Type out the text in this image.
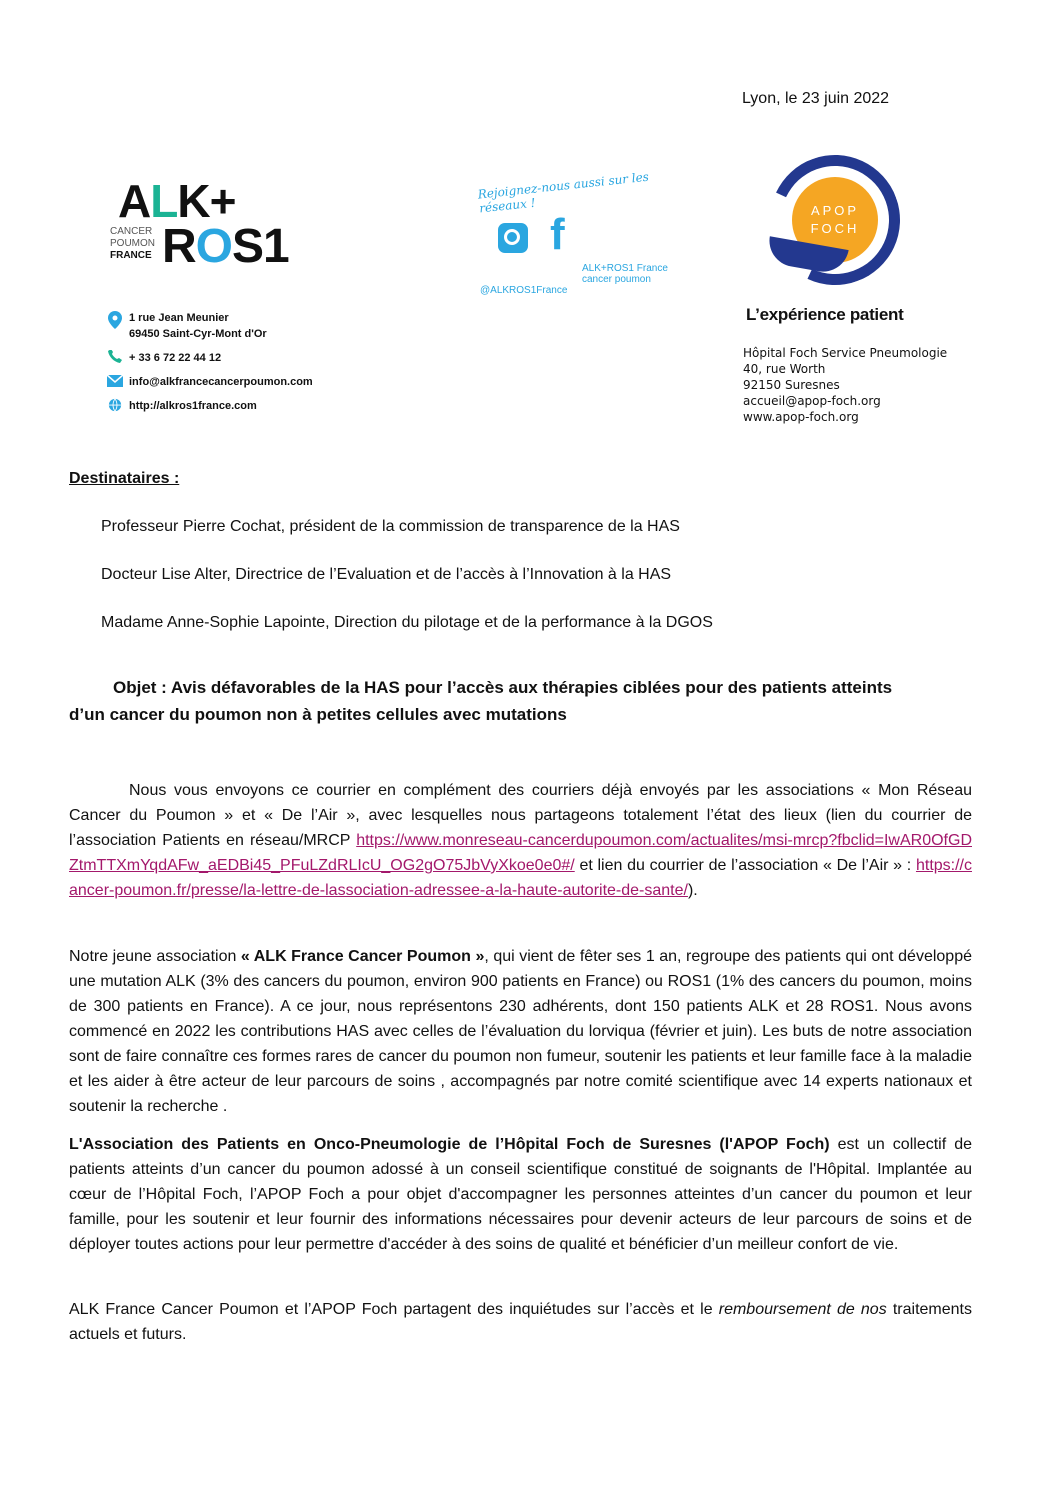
Lyon, le 23 juin 2022
ALK+
CANCER
POUMON
FRANCE ROS1
1 rue Jean Meunier
69450 Saint-Cyr-Mont d'Or
+ 33 6 72 22 44 12
info@alkfrancecancerpoumon.com
http://alkros1france.com
Rejoignez-nous aussi sur les réseaux !
f
ALK+ROS1 France cancer poumon
@ALKROS1France
APOP
FOCH
L’expérience patient
Hôpital Foch Service Pneumologie
40, rue Worth
92150 Suresnes
accueil@apop-foch.org
www.apop-foch.org
Destinataires :
Professeur Pierre Cochat, président de la commission de transparence de la HAS
Docteur Lise Alter, Directrice de l’Evaluation et de l’accès à l’Innovation à la HAS
Madame Anne-Sophie Lapointe, Direction du pilotage et de la performance à la DGOS
Objet : Avis défavorables de la HAS pour l’accès aux thérapies ciblées pour des patients atteints
d’un cancer du poumon non à petites cellules avec mutations
Nous vous envoyons ce courrier en complément des courriers déjà envoyés par les associations « Mon Réseau Cancer du Poumon » et « De l’Air », avec lesquelles nous partageons totalement l’état des lieux (lien du courrier de l’association Patients en réseau/MRCP https://www.monreseau-cancerdupoumon.com/actualites/msi-mrcp?fbclid=IwAR0OfGDZtmTTXmYqdAFw_aEDBi45_PFuLZdRLIcU_OG2gO75JbVyXkoe0e0#/ et lien du courrier de l’association « De l’Air » : https://cancer-poumon.fr/presse/la-lettre-de-lassociation-adressee-a-la-haute-autorite-de-sante/).
Notre jeune association « ALK France Cancer Poumon », qui vient de fêter ses 1 an, regroupe des patients qui ont développé une mutation ALK (3% des cancers du poumon, environ 900 patients en France) ou ROS1 (1% des cancers du poumon, moins de 300 patients en France). A ce jour, nous représentons 230 adhérents, dont 150 patients ALK et 28 ROS1. Nous avons commencé en 2022 les contributions HAS avec celles de l’évaluation du lorviqua (février et juin). Les buts de notre association sont de faire connaître ces formes rares de cancer du poumon non fumeur, soutenir les patients et leur famille face à la maladie et les aider à être acteur de leur parcours de soins , accompagnés par notre comité scientifique avec 14 experts nationaux et soutenir la recherche .
L'Association des Patients en Onco-Pneumologie de l’Hôpital Foch de Suresnes (l'APOP Foch) est un collectif de patients atteints d’un cancer du poumon adossé à un conseil scientifique constitué de soignants de l'Hôpital. Implantée au cœur de l’Hôpital Foch, l’APOP Foch a pour objet d'accompagner les personnes atteintes d’un cancer du poumon et leur famille, pour les soutenir et leur fournir des informations nécessaires pour devenir acteurs de leur parcours de soins et de déployer toutes actions pour leur permettre d'accéder à des soins de qualité et bénéficier d’un meilleur confort de vie.
ALK France Cancer Poumon et l’APOP Foch partagent des inquiétudes sur l’accès et le remboursement de nos traitements actuels et futurs.
